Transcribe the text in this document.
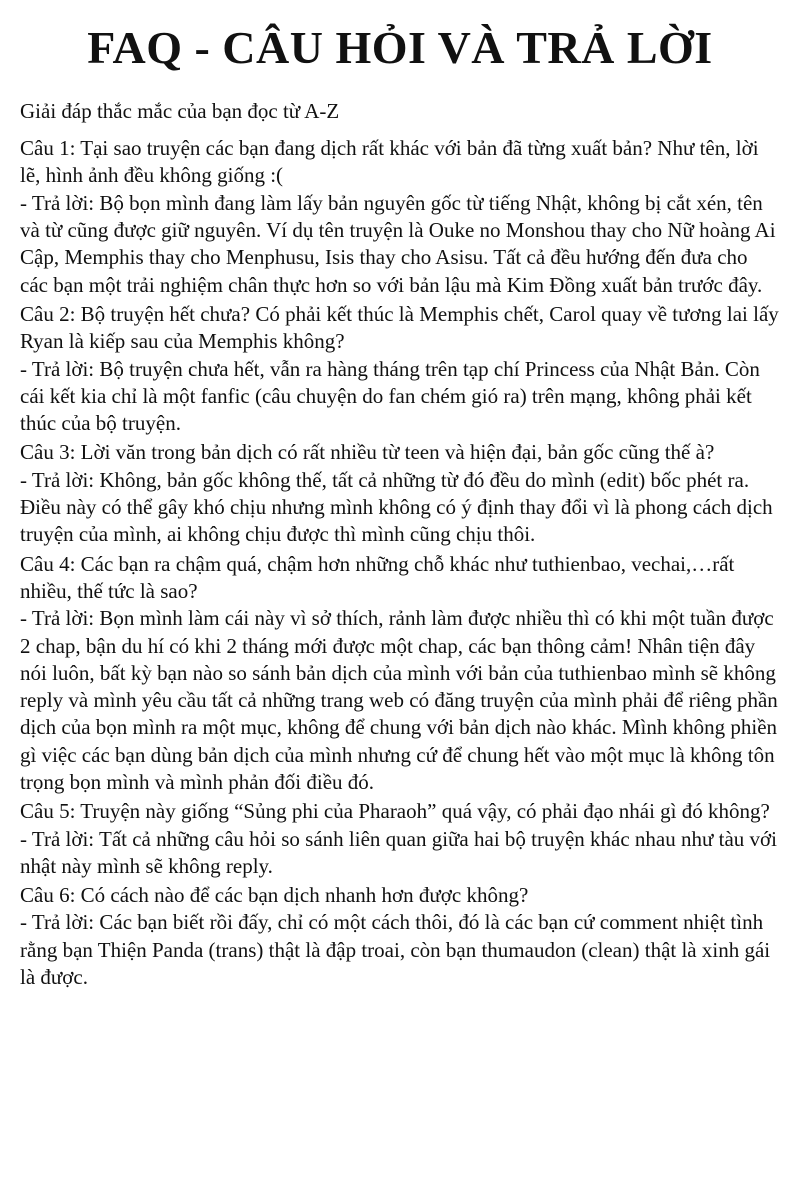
FAQ - CÂU HỎI VÀ TRẢ LỜI

Giải đáp thắc mắc của bạn đọc từ A-Z

Câu 1: Tại sao truyện các bạn đang dịch rất khác với bản đã từng xuất bản? Như tên, lời lẽ, hình ảnh đều không giống :(

- Trả lời: Bộ bọn mình đang làm lấy bản nguyên gốc từ tiếng Nhật, không bị cắt xén, tên và từ cũng được giữ nguyên. Ví dụ tên truyện là Ouke no Monshou thay cho Nữ hoàng Ai Cập, Memphis thay cho Menphusu, Isis thay cho Asisu. Tất cả đều hướng đến đưa cho các bạn một trải nghiệm chân thực hơn so với bản lậu mà Kim Đồng xuất bản trước đây.

Câu 2: Bộ truyện hết chưa? Có phải kết thúc là Memphis chết, Carol quay về tương lai lấy Ryan là kiếp sau của Memphis không?

- Trả lời: Bộ truyện chưa hết, vẫn ra hàng tháng trên tạp chí Princess của Nhật Bản. Còn cái kết kia chỉ là một fanfic (câu chuyện do fan chém gió ra) trên mạng, không phải kết thúc của bộ truyện.

Câu 3: Lời văn trong bản dịch có rất nhiều từ teen và hiện đại, bản gốc cũng thế à?

- Trả lời: Không, bản gốc không thế, tất cả những từ đó đều do mình (edit) bốc phét ra. Điều này có thể gây khó chịu nhưng mình không có ý định thay đổi vì là phong cách dịch truyện của mình, ai không chịu được thì mình cũng chịu thôi.

Câu 4: Các bạn ra chậm quá, chậm hơn những chỗ khác như tuthienbao, vechai,…rất nhiều, thế tức là sao?

- Trả lời: Bọn mình làm cái này vì sở thích, rảnh làm được nhiều thì có khi một tuần được 2 chap, bận du hí có khi 2 tháng mới được một chap, các bạn thông cảm! Nhân tiện đây nói luôn, bất kỳ bạn nào so sánh bản dịch của mình với bản của tuthienbao mình sẽ không reply và mình yêu cầu tất cả những trang web có đăng truyện của mình phải để riêng phần dịch của bọn mình ra một mục, không để chung với bản dịch nào khác. Mình không phiền gì việc các bạn dùng bản dịch của mình nhưng cứ để chung hết vào một mục là không tôn trọng bọn mình và mình phản đối điều đó.

Câu 5: Truyện này giống “Sủng phi của Pharaoh” quá vậy, có phải đạo nhái gì đó không?

- Trả lời: Tất cả những câu hỏi so sánh liên quan giữa hai bộ truyện khác nhau như tàu với nhật này mình sẽ không reply.

Câu 6: Có cách nào để các bạn dịch nhanh hơn được không?

- Trả lời: Các bạn biết rồi đấy, chỉ có một cách thôi, đó là các bạn cứ comment nhiệt tình rằng bạn Thiện Panda (trans) thật là đập troai, còn bạn thumaudon (clean) thật là xinh gái là được.
